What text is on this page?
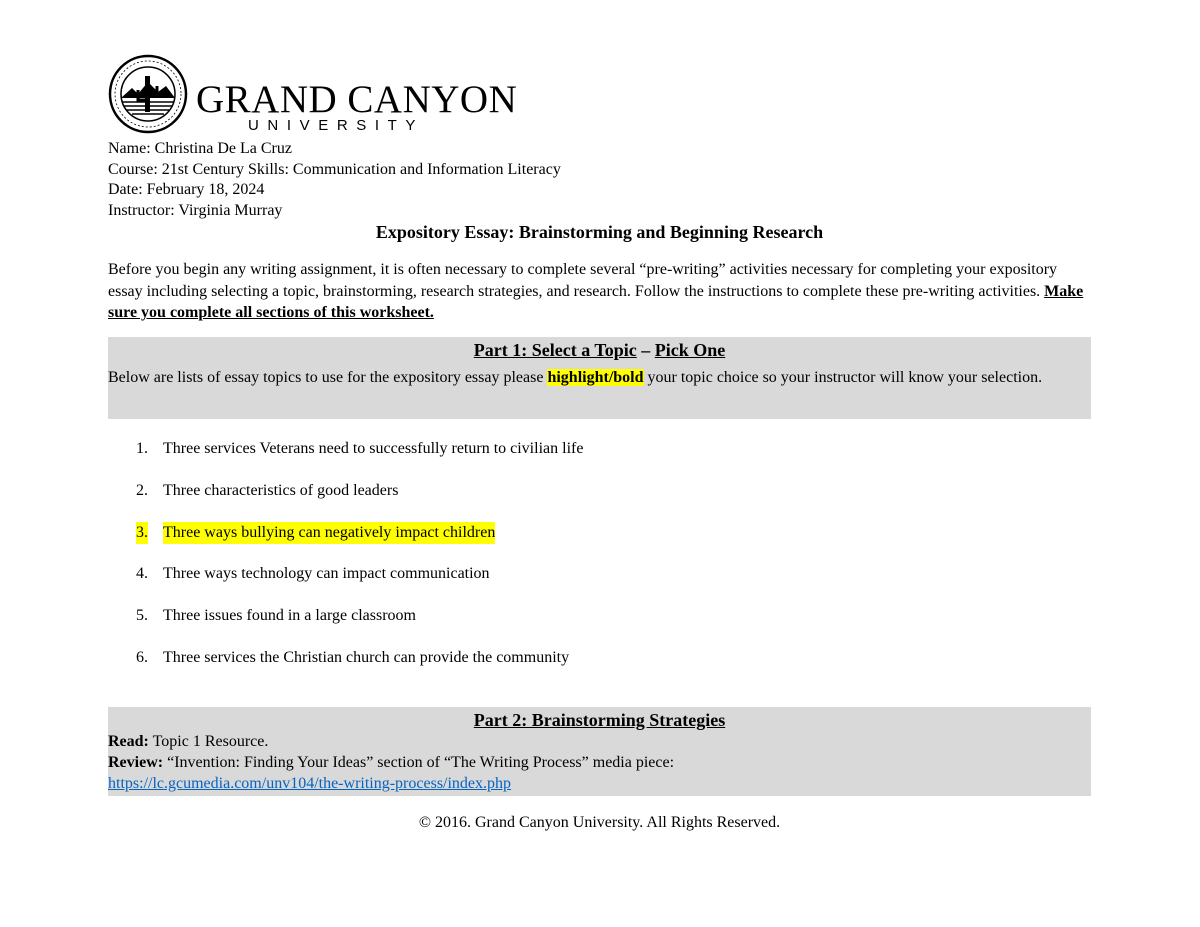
GRAND CANYON
UNIVERSITY
Name: Christina De La Cruz
Course: 21st Century Skills: Communication and Information Literacy
Date: February 18, 2024
Instructor: Virginia Murray
Expository Essay: Brainstorming and Beginning Research
Before you begin any writing assignment, it is often necessary to complete several “pre-writing” activities necessary for completing your expository essay including selecting a topic, brainstorming, research strategies, and research. Follow the instructions to complete these pre-writing activities. Make sure you complete all sections of this worksheet.
Part 1: Select a Topic – Pick One
Below are lists of essay topics to use for the expository essay please highlight/bold your topic choice so your instructor will know your selection.
1. Three services Veterans need to successfully return to civilian life
2. Three characteristics of good leaders
3. Three ways bullying can negatively impact children
4. Three ways technology can impact communication
5. Three issues found in a large classroom
6. Three services the Christian church can provide the community
Part 2: Brainstorming Strategies
Read: Topic 1 Resource.
Review: “Invention: Finding Your Ideas” section of “The Writing Process” media piece:
https://lc.gcumedia.com/unv104/the-writing-process/index.php
© 2016. Grand Canyon University. All Rights Reserved.
